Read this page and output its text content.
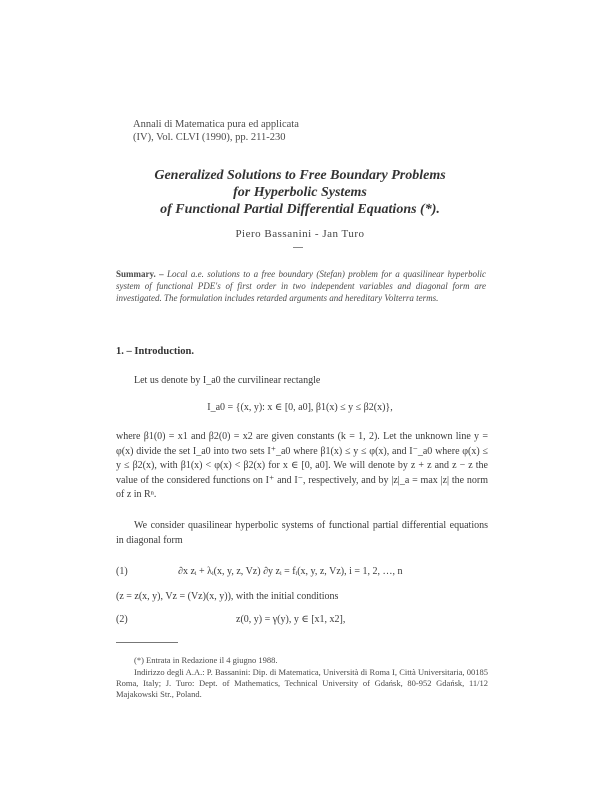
Annali di Matematica pura ed applicata
(IV), Vol. CLVI (1990), pp. 211-230
Generalized Solutions to Free Boundary Problems
for Hyperbolic Systems
of Functional Partial Differential Equations (*).
Piero Bassanini - Jan Turo
Summary. – Local a.e. solutions to a free boundary (Stefan) problem for a quasilinear hyperbolic system of functional PDE's of first order in two independent variables and diagonal form are investigated. The formulation includes retarded arguments and hereditary Volterra terms.
1. – Introduction.
Let us denote by I_a0 the curvilinear rectangle
I_a0 = {(x, y): x ∈ [0, a0], β1(x) ≤ y ≤ β2(x)},
where β1(0) = x1 and β2(0) = x2 are given constants (k = 1, 2). Let the unknown line y = φ(x) divide the set I_a0 into two sets I⁺_a0 where β1(x) ≤ y ≤ φ(x), and I⁻_a0 where φ(x) ≤ y ≤ β2(x), with β1(x) < φ(x) < β2(x) for x ∈ [0, a0]. We will denote by z + z and z − z the value of the considered functions on I⁺ and I⁻, respectively, and by |z|_a = max |z| the norm of z in Rⁿ.
We consider quasilinear hyperbolic systems of functional partial differential equations in diagonal form
(1)	∂x zᵢ + λᵢ(x, y, z, Vz) ∂y zᵢ = fᵢ(x, y, z, Vz), i = 1, 2, …, n
(z = z(x, y), Vz = (Vz)(x, y)), with the initial conditions
(2)	z(0, y) = γ(y), y ∈ [x1, x2],
(*) Entrata in Redazione il 4 giugno 1988.
Indirizzo degli A.A.: P. Bassanini: Dip. di Matematica, Università di Roma I, Città Universitaria, 00185 Roma, Italy; J. Turo: Dept. of Mathematics, Technical University of Gdańsk, 80-952 Gdańsk, 11/12 Majakowski Str., Poland.
